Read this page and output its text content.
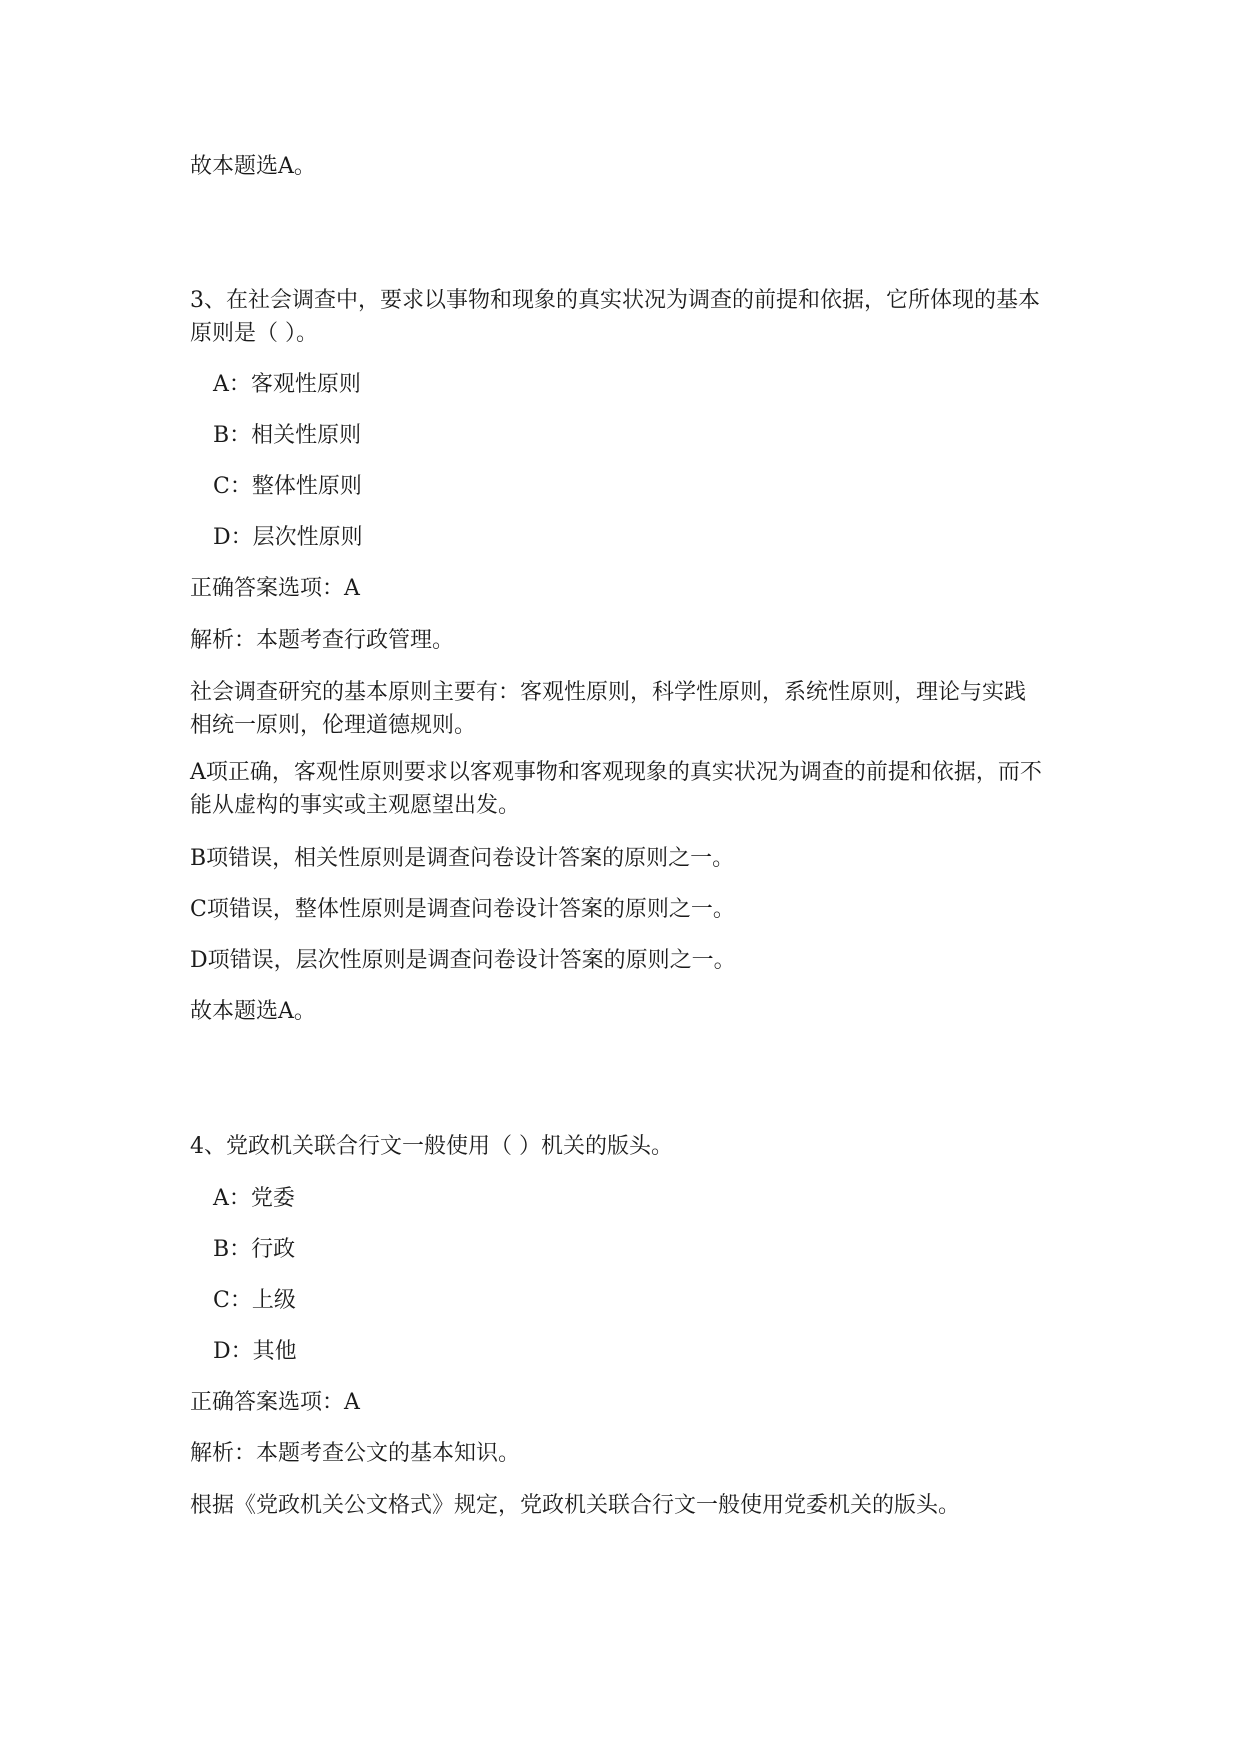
故本题选A。
3、在社会调查中，要求以事物和现象的真实状况为调查的前提和依据，它所体现的基本原则是（ ）。
A：客观性原则
B：相关性原则
C：整体性原则
D：层次性原则
正确答案选项：A
解析：本题考查行政管理。
社会调查研究的基本原则主要有：客观性原则，科学性原则，系统性原则，理论与实践相统一原则，伦理道德规则。
A项正确，客观性原则要求以客观事物和客观现象的真实状况为调查的前提和依据，而不能从虚构的事实或主观愿望出发。
B项错误，相关性原则是调查问卷设计答案的原则之一。
C项错误，整体性原则是调查问卷设计答案的原则之一。
D项错误，层次性原则是调查问卷设计答案的原则之一。
故本题选A。
4、党政机关联合行文一般使用（ ）机关的版头。
A：党委
B：行政
C：上级
D：其他
正确答案选项：A
解析：本题考查公文的基本知识。
根据《党政机关公文格式》规定，党政机关联合行文一般使用党委机关的版头。
